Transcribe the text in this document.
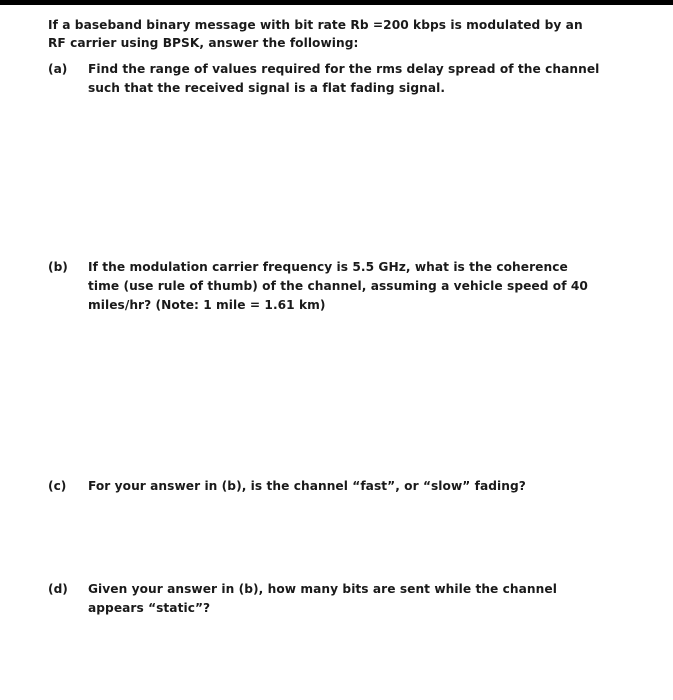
If a baseband binary message with bit rate Rb =200 kbps is modulated by an
RF carrier using BPSK, answer the following:
(a) Find the range of values required for the rms delay spread of the channel
such that the received signal is a flat fading signal.
(b) If the modulation carrier frequency is 5.5 GHz, what is the coherence
time (use rule of thumb) of the channel, assuming a vehicle speed of 40
miles/hr? (Note: 1 mile = 1.61 km)
(c) For your answer in (b), is the channel “fast”, or “slow” fading?
(d) Given your answer in (b), how many bits are sent while the channel
appears “static”?
